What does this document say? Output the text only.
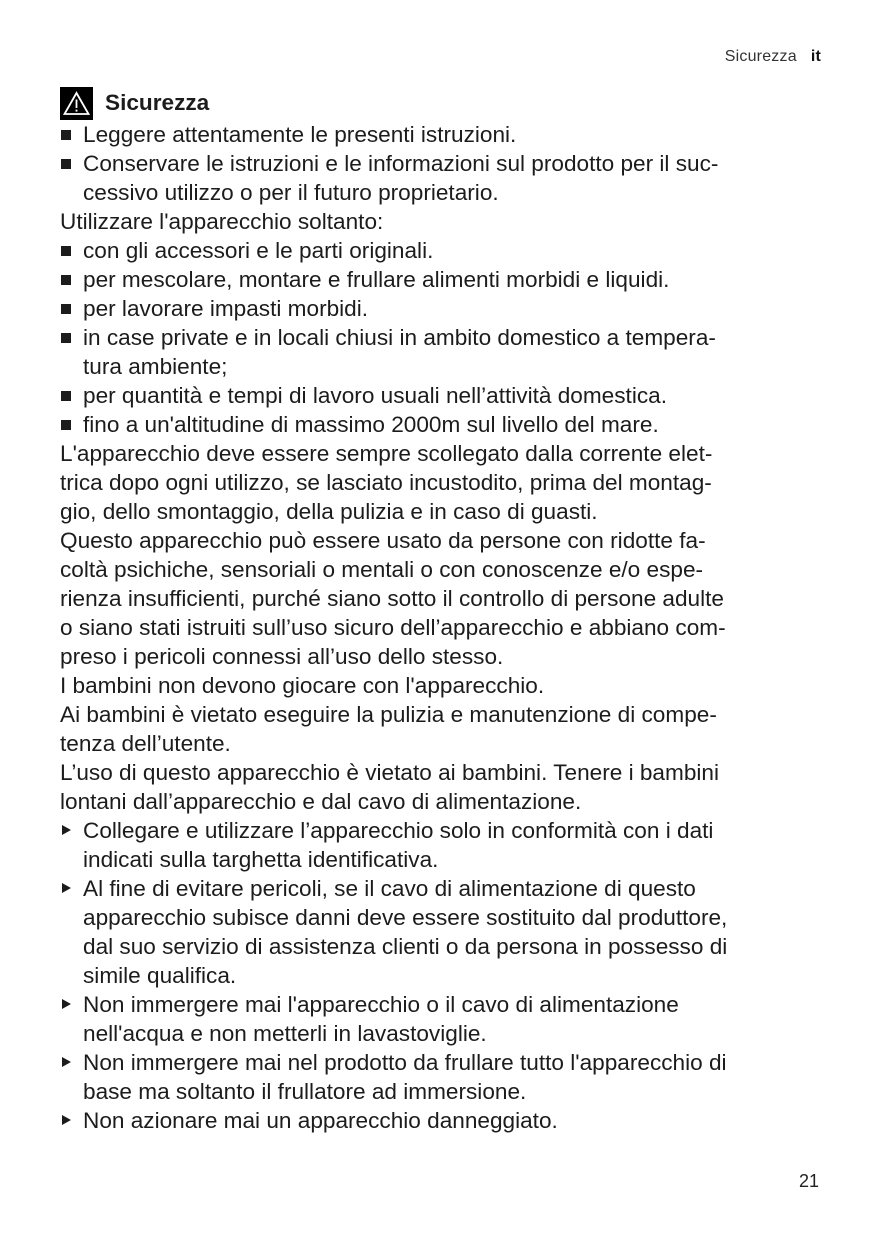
Sicurezza it
Sicurezza
Leggere attentamente le presenti istruzioni.
Conservare le istruzioni e le informazioni sul prodotto per il suc-
cessivo utilizzo o per il futuro proprietario.

Utilizzare l'apparecchio soltanto:

con gli accessori e le parti originali.
per mescolare, montare e frullare alimenti morbidi e liquidi.
per lavorare impasti morbidi.
in case private e in locali chiusi in ambito domestico a tempera-
tura ambiente;
per quantità e tempi di lavoro usuali nell’attività domestica.
fino a un'altitudine di massimo 2000m sul livello del mare.

L'apparecchio deve essere sempre scollegato dalla corrente elet-
trica dopo ogni utilizzo, se lasciato incustodito, prima del montag-
gio, dello smontaggio, della pulizia e in caso di guasti.

Questo apparecchio può essere usato da persone con ridotte fa-
coltà psichiche, sensoriali o mentali o con conoscenze e/o espe-
rienza insufficienti, purché siano sotto il controllo di persone adulte
o siano stati istruiti sull’uso sicuro dell’apparecchio e abbiano com-
preso i pericoli connessi all’uso dello stesso.

I bambini non devono giocare con l'apparecchio.

Ai bambini è vietato eseguire la pulizia e manutenzione di compe-
tenza dell’utente.

L’uso di questo apparecchio è vietato ai bambini. Tenere i bambini
lontani dall’apparecchio e dal cavo di alimentazione.

Collegare e utilizzare l’apparecchio solo in conformità con i dati
indicati sulla targhetta identificativa.
Al fine di evitare pericoli, se il cavo di alimentazione di questo
apparecchio subisce danni deve essere sostituito dal produttore,
dal suo servizio di assistenza clienti o da persona in possesso di
simile qualifica.
Non immergere mai l'apparecchio o il cavo di alimentazione
nell'acqua e non metterli in lavastoviglie.
Non immergere mai nel prodotto da frullare tutto l'apparecchio di
base ma soltanto il frullatore ad immersione.
Non azionare mai un apparecchio danneggiato.
21
